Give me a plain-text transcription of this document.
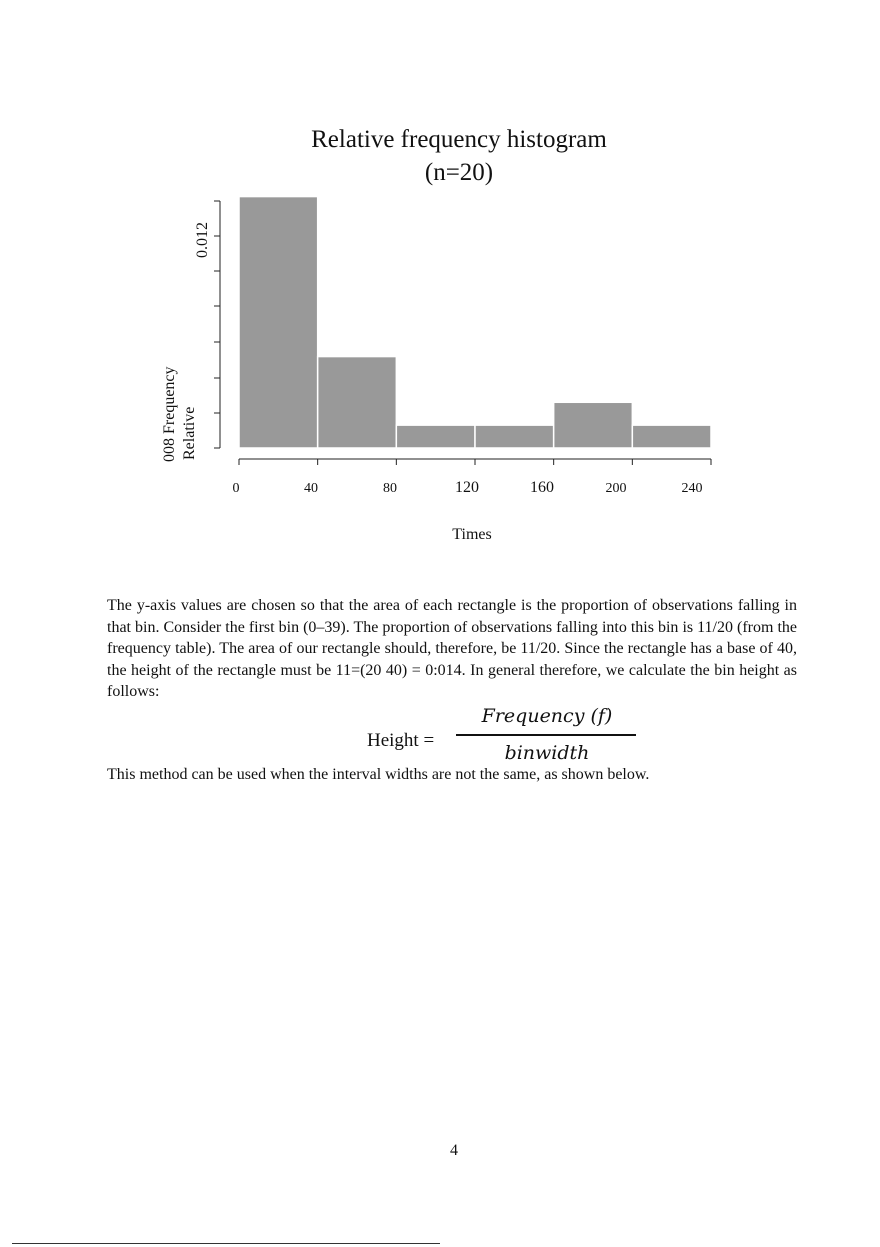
Relative frequency histogram
(n=20)
0.012
008 Frequency Relative
0	40	80	120	160	200	240
Times
The y-axis values are chosen so that the area of each rectangle is the proportion of observations falling in that bin. Consider the first bin (0–39). The proportion of observations falling into this bin is 11/20 (from the frequency table). The area of our rectangle should, therefore, be 11/20. Since the rectangle has a base of 40, the height of the rectangle must be 11=(20 40) = 0:014. In general therefore, we calculate the bin height as follows:
Height =
Frequency (f)
binwidth
This method can be used when the interval widths are not the same, as shown below.
4
